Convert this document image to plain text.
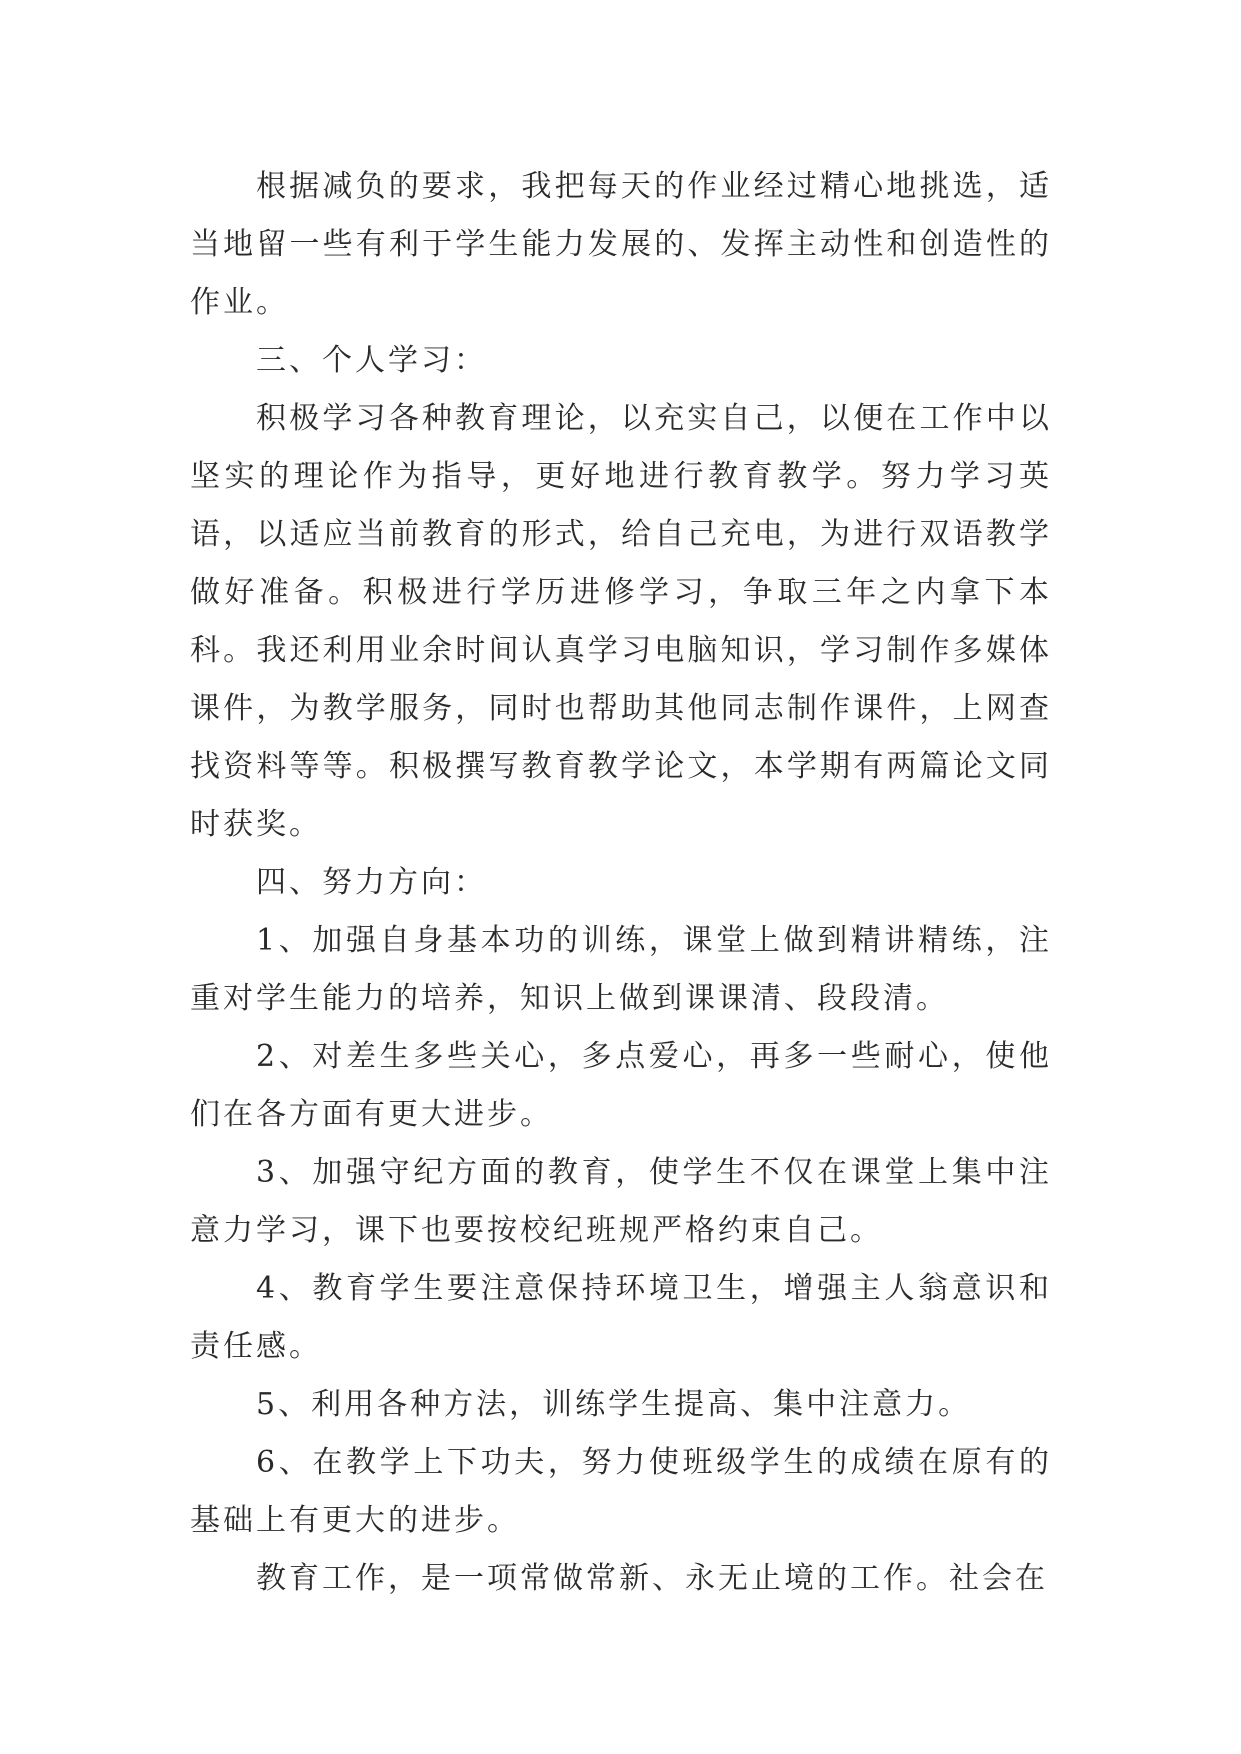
根据减负的要求，我把每天的作业经过精心地挑选，适当地留一些有利于学生能力发展的、发挥主动性和创造性的作业。

三、个人学习：

积极学习各种教育理论，以充实自己，以便在工作中以坚实的理论作为指导，更好地进行教育教学。努力学习英语，以适应当前教育的形式，给自己充电，为进行双语教学做好准备。积极进行学历进修学习，争取三年之内拿下本科。我还利用业余时间认真学习电脑知识，学习制作多媒体课件，为教学服务，同时也帮助其他同志制作课件，上网查找资料等等。积极撰写教育教学论文，本学期有两篇论文同时获奖。

四、努力方向：

1、加强自身基本功的训练，课堂上做到精讲精练，注重对学生能力的培养，知识上做到课课清、段段清。

2、对差生多些关心，多点爱心，再多一些耐心，使他们在各方面有更大进步。

3、加强守纪方面的教育，使学生不仅在课堂上集中注意力学习，课下也要按校纪班规严格约束自己。

4、教育学生要注意保持环境卫生，增强主人翁意识和责任感。

5、利用各种方法，训练学生提高、集中注意力。

6、在教学上下功夫，努力使班级学生的成绩在原有的基础上有更大的进步。

教育工作，是一项常做常新、永无止境的工作。社会在
